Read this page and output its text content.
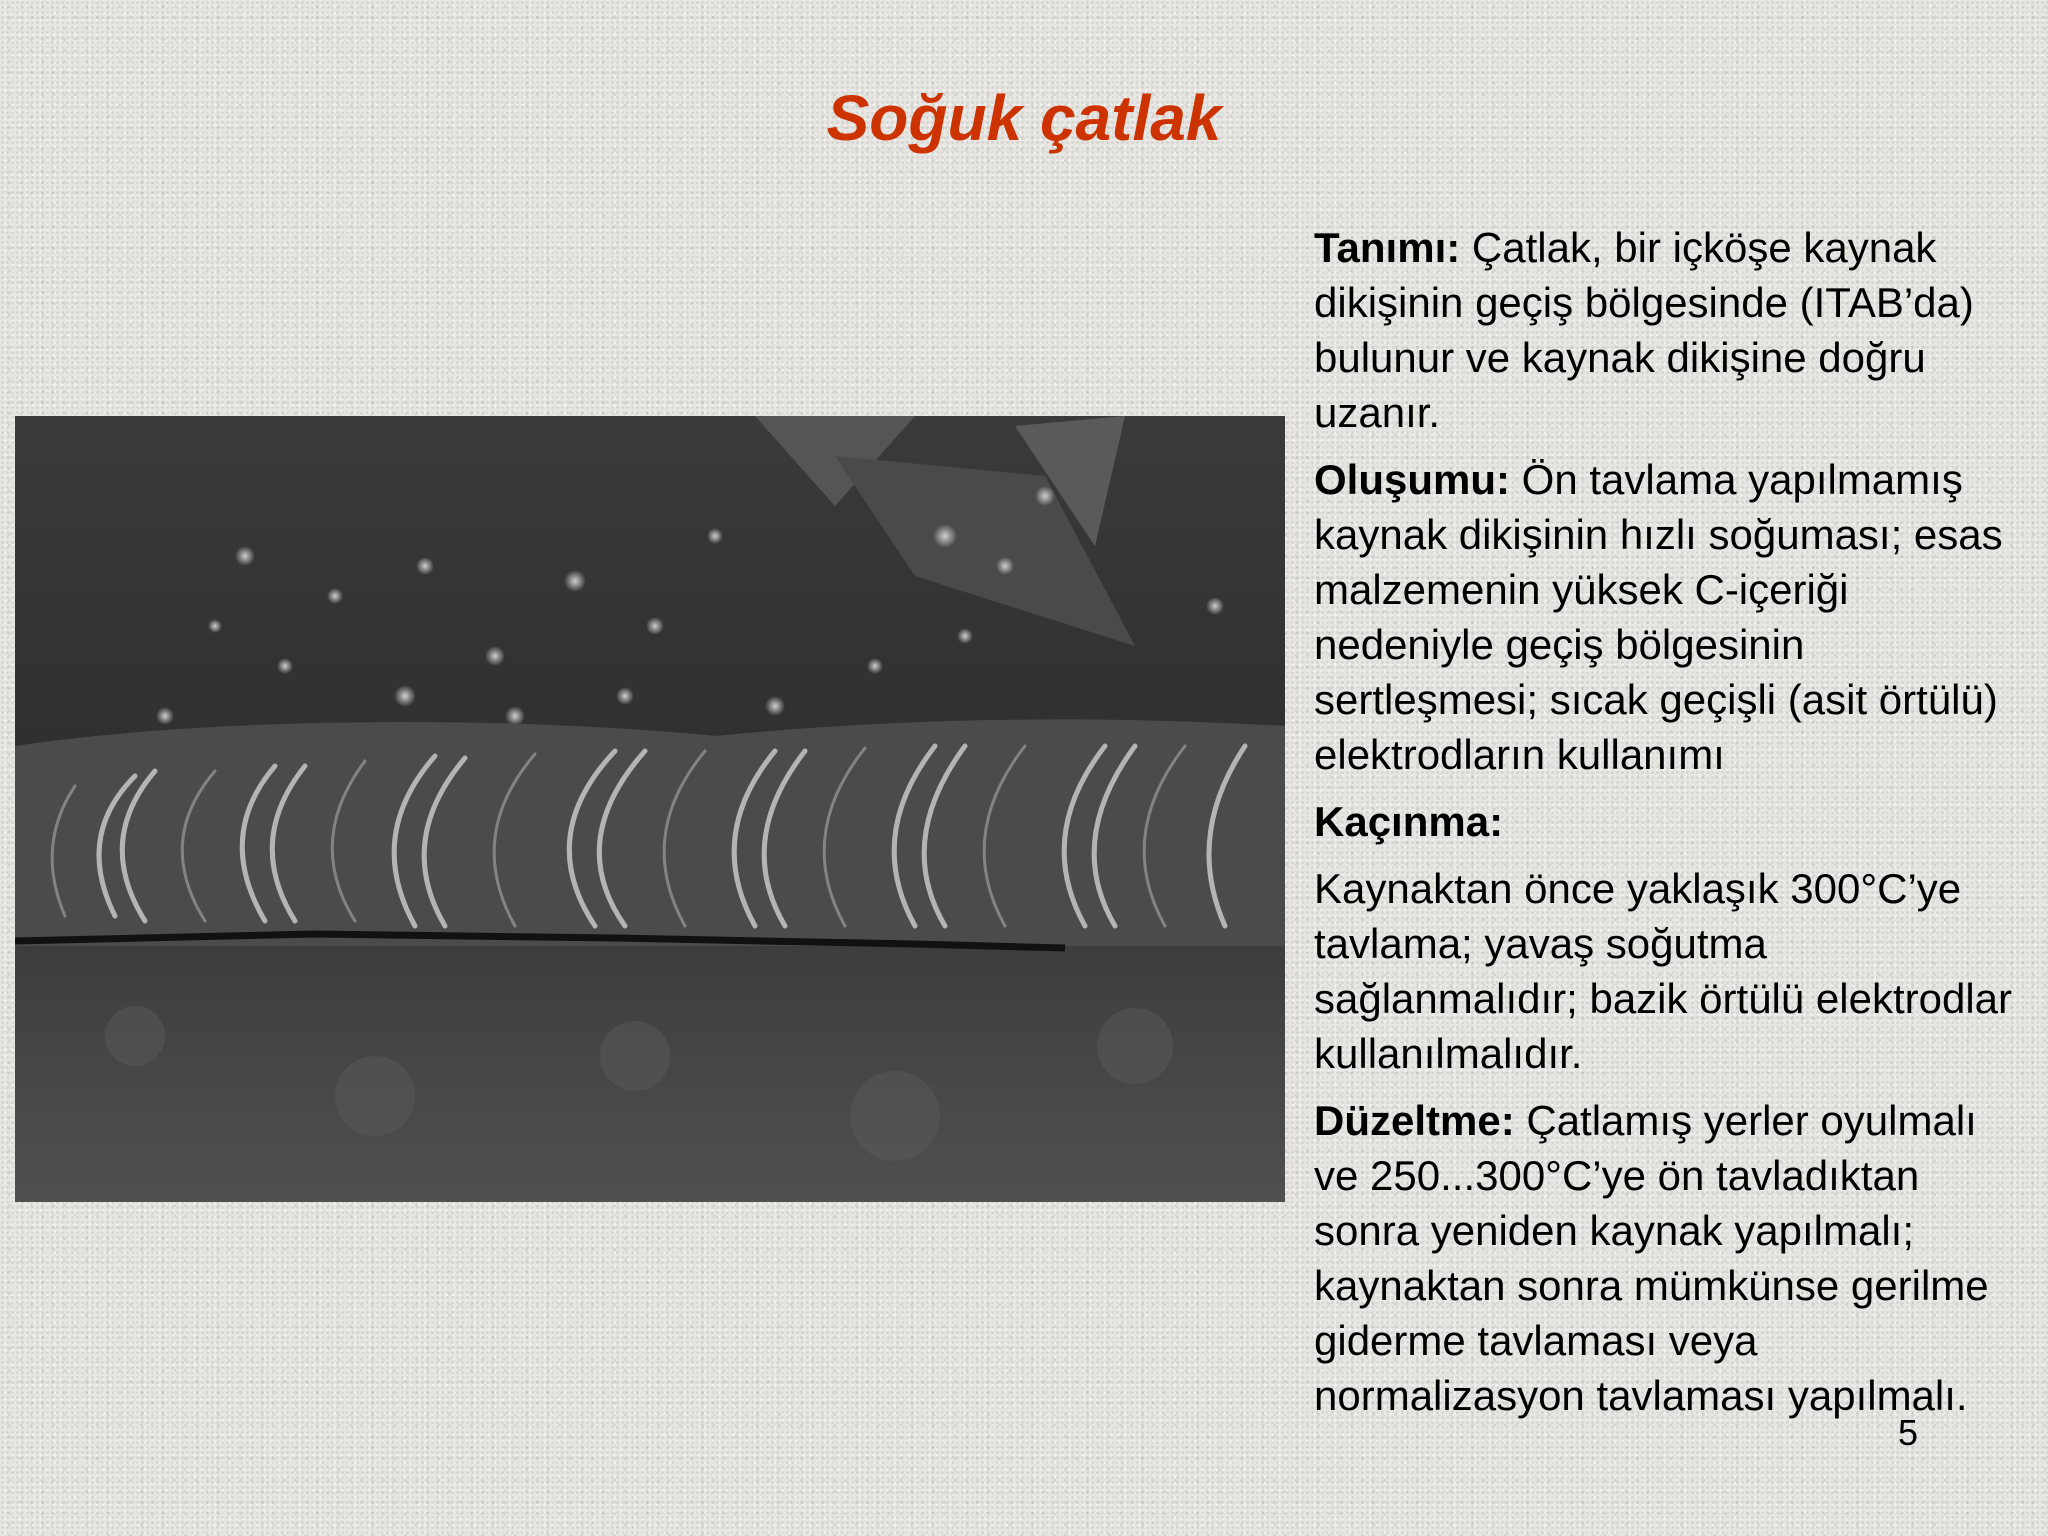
Soğuk çatlak

Tanımı: Çatlak, bir içköşe kaynak dikişinin geçiş bölgesinde (ITAB’da) bulunur ve kaynak dikişine doğru uzanır.

Oluşumu: Ön tavlama yapılmamış kaynak dikişinin hızlı soğuması; esas malzemenin yüksek C-içeriği nedeniyle geçiş bölgesinin sertleşmesi; sıcak geçişli (asit örtülü) elektrodların kullanımı

Kaçınma:

Kaynaktan önce yaklaşık 300°C’ye tavlama; yavaş soğutma sağlanmalıdır; bazik örtülü elektrodlar kullanılmalıdır.

Düzeltme: Çatlamış yerler oyulmalı ve 250...300°C’ye ön tavladıktan sonra yeniden kaynak yapılmalı; kaynaktan sonra mümkünse gerilme giderme tavlaması veya normalizasyon tavlaması yapılmalı.

5
